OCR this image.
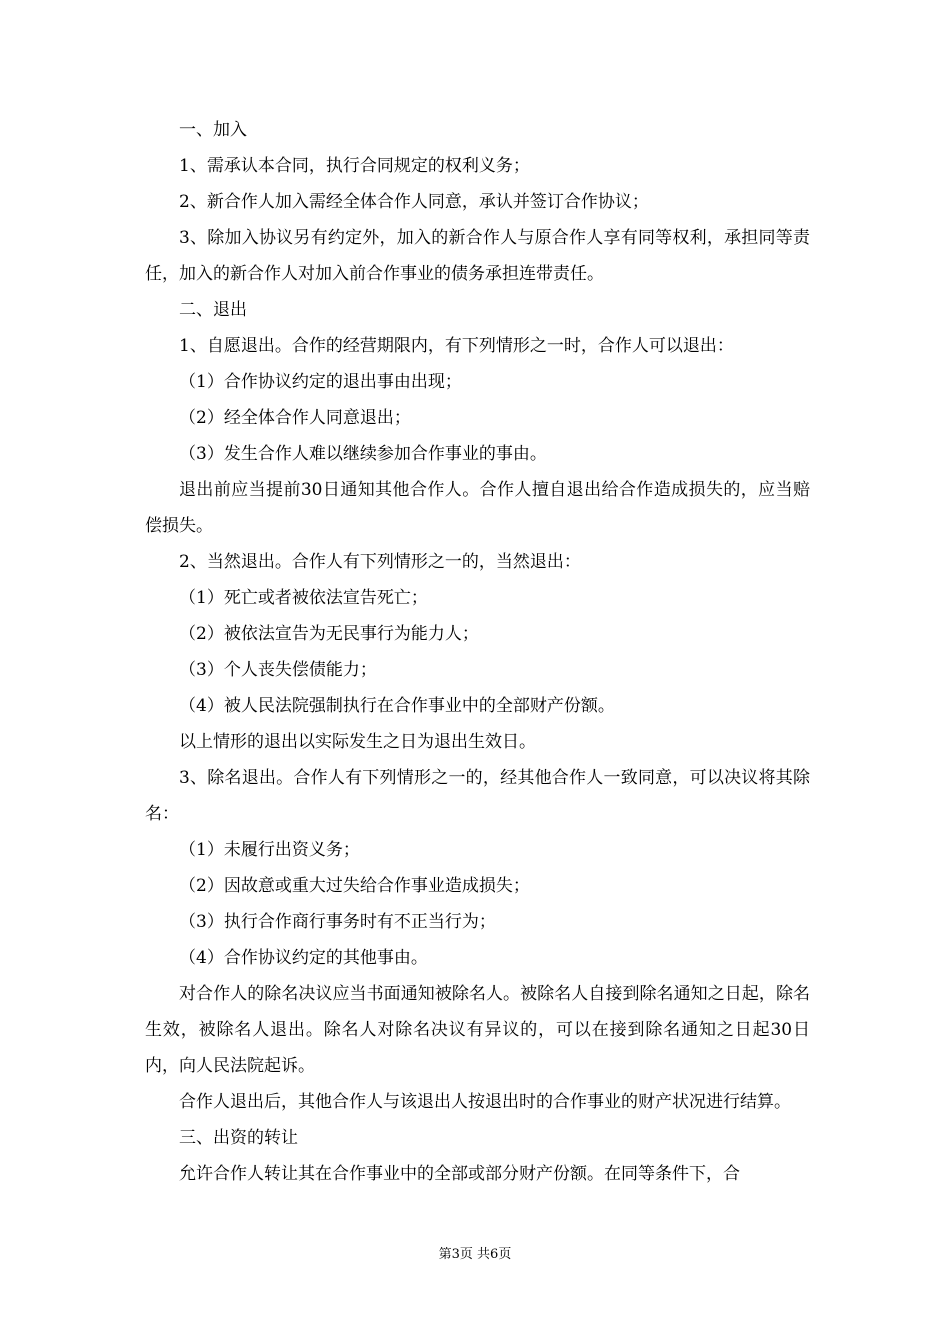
一、加入

1、需承认本合同，执行合同规定的权利义务；

2、新合作人加入需经全体合作人同意，承认并签订合作协议；

3、除加入协议另有约定外，加入的新合作人与原合作人享有同等权利，承担同等责任，加入的新合作人对加入前合作事业的债务承担连带责任。

二、退出

1、自愿退出。合作的经营期限内，有下列情形之一时，合作人可以退出：

（1）合作协议约定的退出事由出现；

（2）经全体合作人同意退出；

（3）发生合作人难以继续参加合作事业的事由。

退出前应当提前30日通知其他合作人。合作人擅自退出给合作造成损失的，应当赔偿损失。

2、当然退出。合作人有下列情形之一的，当然退出：

（1）死亡或者被依法宣告死亡；

（2）被依法宣告为无民事行为能力人；

（3）个人丧失偿债能力；

（4）被人民法院强制执行在合作事业中的全部财产份额。

以上情形的退出以实际发生之日为退出生效日。

3、除名退出。合作人有下列情形之一的，经其他合作人一致同意，可以决议将其除名：

（1）未履行出资义务；

（2）因故意或重大过失给合作事业造成损失；

（3）执行合作商行事务时有不正当行为；

（4）合作协议约定的其他事由。

对合作人的除名决议应当书面通知被除名人。被除名人自接到除名通知之日起，除名生效，被除名人退出。除名人对除名决议有异议的，可以在接到除名通知之日起30日内，向人民法院起诉。

合作人退出后，其他合作人与该退出人按退出时的合作事业的财产状况进行结算。

三、出资的转让

允许合作人转让其在合作事业中的全部或部分财产份额。在同等条件下，合

第3页 共6页
